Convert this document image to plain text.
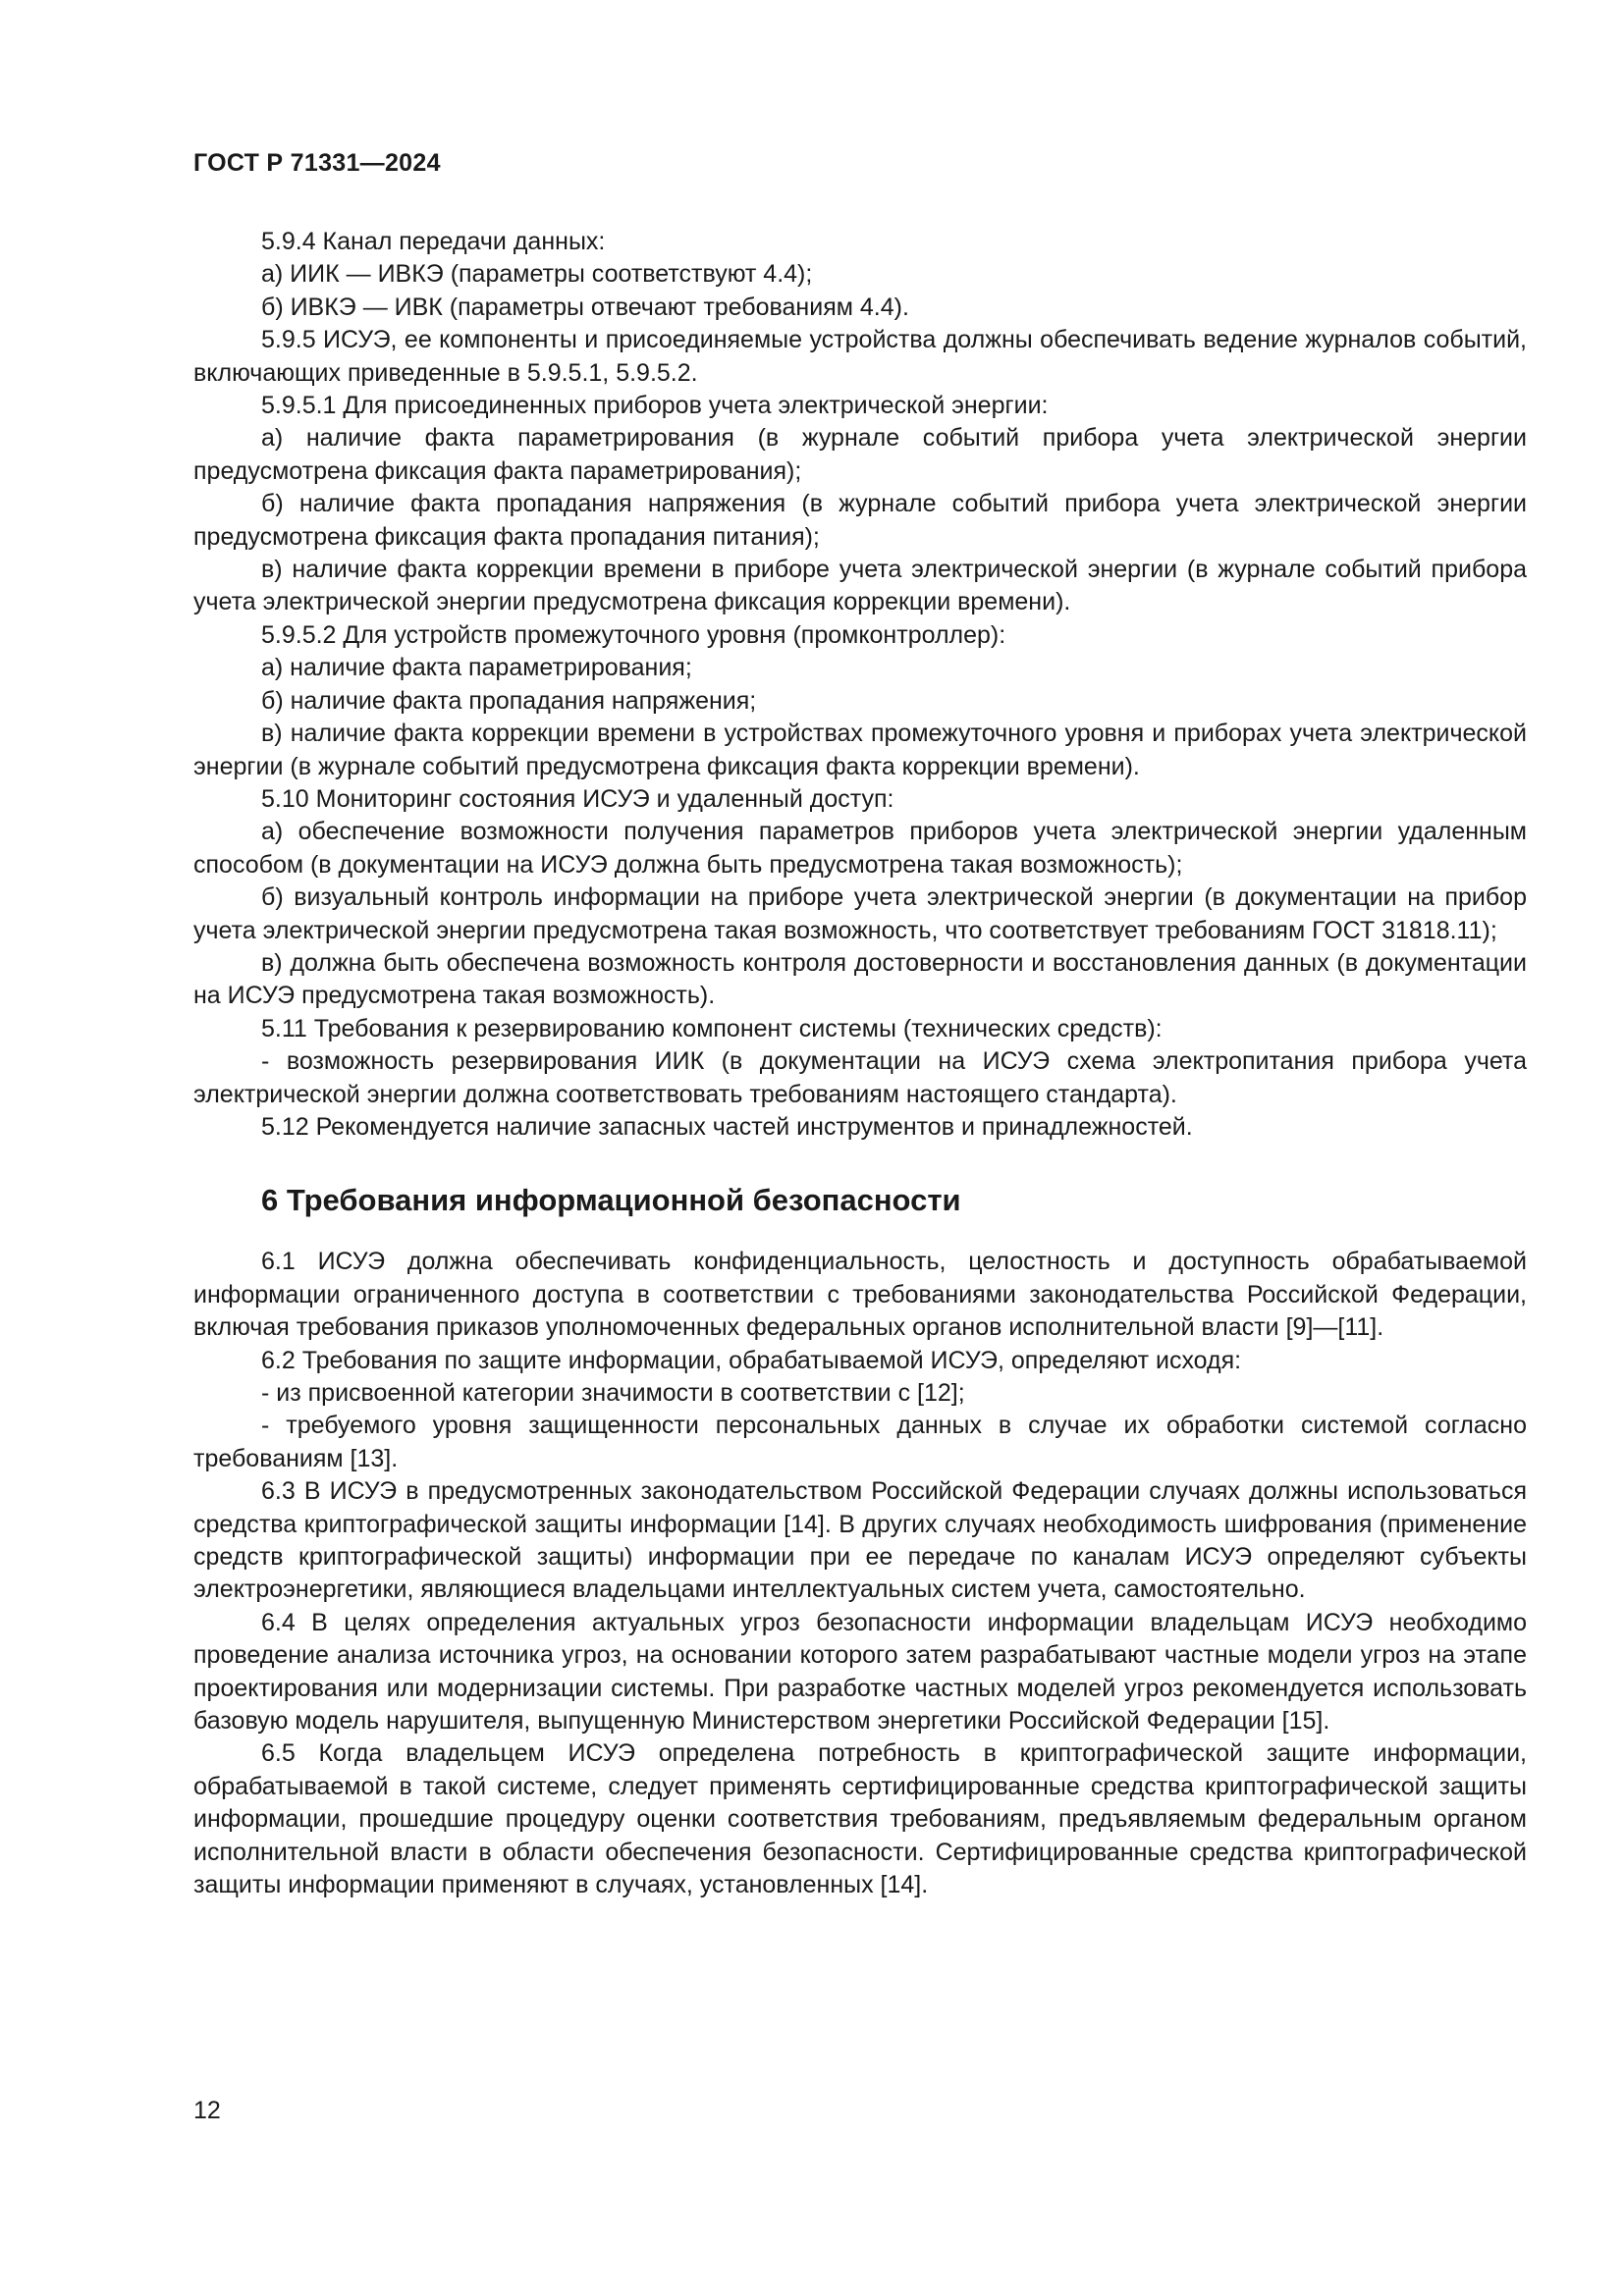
ГОСТ Р 71331—2024

5.9.4 Канал передачи данных:

а) ИИК — ИВКЭ (параметры соответствуют 4.4);

б) ИВКЭ — ИВК (параметры отвечают требованиям 4.4).

5.9.5 ИСУЭ, ее компоненты и присоединяемые устройства должны обеспечивать ведение журналов событий, включающих приведенные в 5.9.5.1, 5.9.5.2.

5.9.5.1 Для присоединенных приборов учета электрической энергии:

а) наличие факта параметрирования (в журнале событий прибора учета электрической энергии предусмотрена фиксация факта параметрирования);

б) наличие факта пропадания напряжения (в журнале событий прибора учета электрической энергии предусмотрена фиксация факта пропадания питания);

в) наличие факта коррекции времени в приборе учета электрической энергии (в журнале событий прибора учета электрической энергии предусмотрена фиксация коррекции времени).

5.9.5.2 Для устройств промежуточного уровня (промконтроллер):

а) наличие факта параметрирования;

б) наличие факта пропадания напряжения;

в) наличие факта коррекции времени в устройствах промежуточного уровня и приборах учета электрической энергии (в журнале событий предусмотрена фиксация факта коррекции времени).

5.10 Мониторинг состояния ИСУЭ и удаленный доступ:

а) обеспечение возможности получения параметров приборов учета электрической энергии удаленным способом (в документации на ИСУЭ должна быть предусмотрена такая возможность);

б) визуальный контроль информации на приборе учета электрической энергии (в документации на прибор учета электрической энергии предусмотрена такая возможность, что соответствует требованиям ГОСТ 31818.11);

в) должна быть обеспечена возможность контроля достоверности и восстановления данных (в документации на ИСУЭ предусмотрена такая возможность).

5.11 Требования к резервированию компонент системы (технических средств):

- возможность резервирования ИИК (в документации на ИСУЭ схема электропитания прибора учета электрической энергии должна соответствовать требованиям настоящего стандарта).

5.12 Рекомендуется наличие запасных частей инструментов и принадлежностей.

6 Требования информационной безопасности

6.1 ИСУЭ должна обеспечивать конфиденциальность, целостность и доступность обрабатываемой информации ограниченного доступа в соответствии с требованиями законодательства Российской Федерации, включая требования приказов уполномоченных федеральных органов исполнительной власти [9]—[11].

6.2 Требования по защите информации, обрабатываемой ИСУЭ, определяют исходя:

- из присвоенной категории значимости в соответствии с [12];

- требуемого уровня защищенности персональных данных в случае их обработки системой согласно требованиям [13].

6.3 В ИСУЭ в предусмотренных законодательством Российской Федерации случаях должны использоваться средства криптографической защиты информации [14]. В других случаях необходимость шифрования (применение средств криптографической защиты) информации при ее передаче по каналам ИСУЭ определяют субъекты электроэнергетики, являющиеся владельцами интеллектуальных систем учета, самостоятельно.

6.4 В целях определения актуальных угроз безопасности информации владельцам ИСУЭ необходимо проведение анализа источника угроз, на основании которого затем разрабатывают частные модели угроз на этапе проектирования или модернизации системы. При разработке частных моделей угроз рекомендуется использовать базовую модель нарушителя, выпущенную Министерством энергетики Российской Федерации [15].

6.5 Когда владельцем ИСУЭ определена потребность в криптографической защите информации, обрабатываемой в такой системе, следует применять сертифицированные средства криптографической защиты информации, прошедшие процедуру оценки соответствия требованиям, предъявляемым федеральным органом исполнительной власти в области обеспечения безопасности. Сертифицированные средства криптографической защиты информации применяют в случаях, установленных [14].

12
